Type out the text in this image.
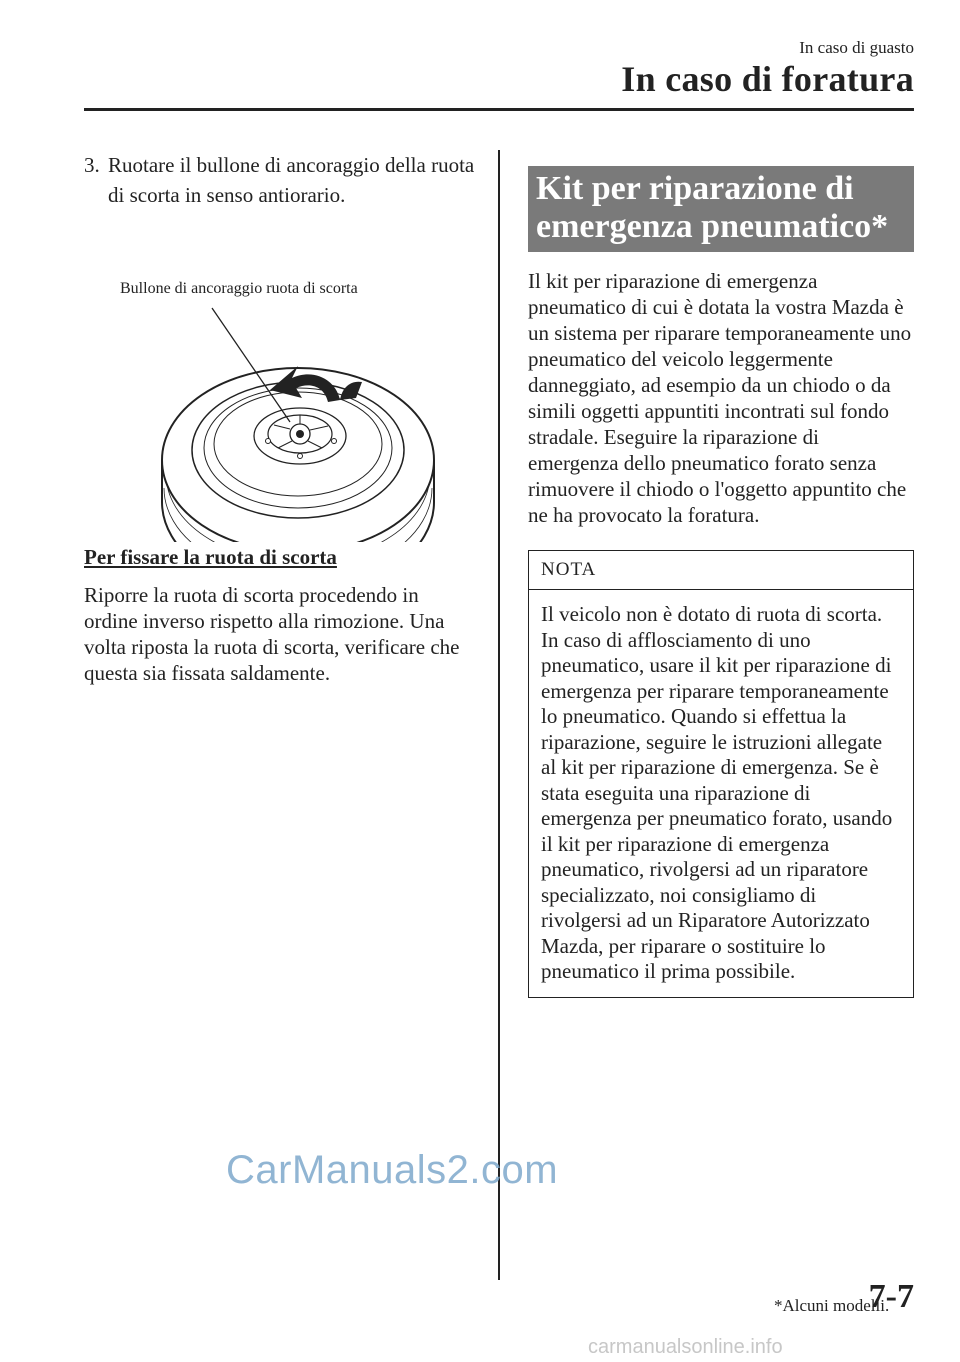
In caso di guasto
In caso di foratura
3. Ruotare il bullone di ancoraggio della ruota di scorta in senso antiorario.
Bullone di ancoraggio ruota di scorta
Per fissare la ruota di scorta

Riporre la ruota di scorta procedendo in ordine inverso rispetto alla rimozione. Una volta riposta la ruota di scorta, verificare che questa sia fissata saldamente.

Kit per riparazione di emergenza pneumatico*

Il kit per riparazione di emergenza pneumatico di cui è dotata la vostra Mazda è un sistema per riparare temporaneamente uno pneumatico del veicolo leggermente danneggiato, ad esempio da un chiodo o da simili oggetti appuntiti incontrati sul fondo stradale. Eseguire la riparazione di emergenza dello pneumatico forato senza rimuovere il chiodo o l'oggetto appuntito che ne ha provocato la foratura.

NOTA
Il veicolo non è dotato di ruota di scorta. In caso di afflosciamento di uno pneumatico, usare il kit per riparazione di emergenza per riparare temporaneamente lo pneumatico. Quando si effettua la riparazione, seguire le istruzioni allegate al kit per riparazione di emergenza. Se è stata eseguita una riparazione di emergenza per pneumatico forato, usando il kit per riparazione di emergenza pneumatico, rivolgersi ad un riparatore specializzato, noi consigliamo di rivolgersi ad un Riparatore Autorizzato Mazda, per riparare o sostituire lo pneumatico il prima possibile.
CarManuals2.com
*Alcuni modelli.
7-7
carmanualsonline.info
